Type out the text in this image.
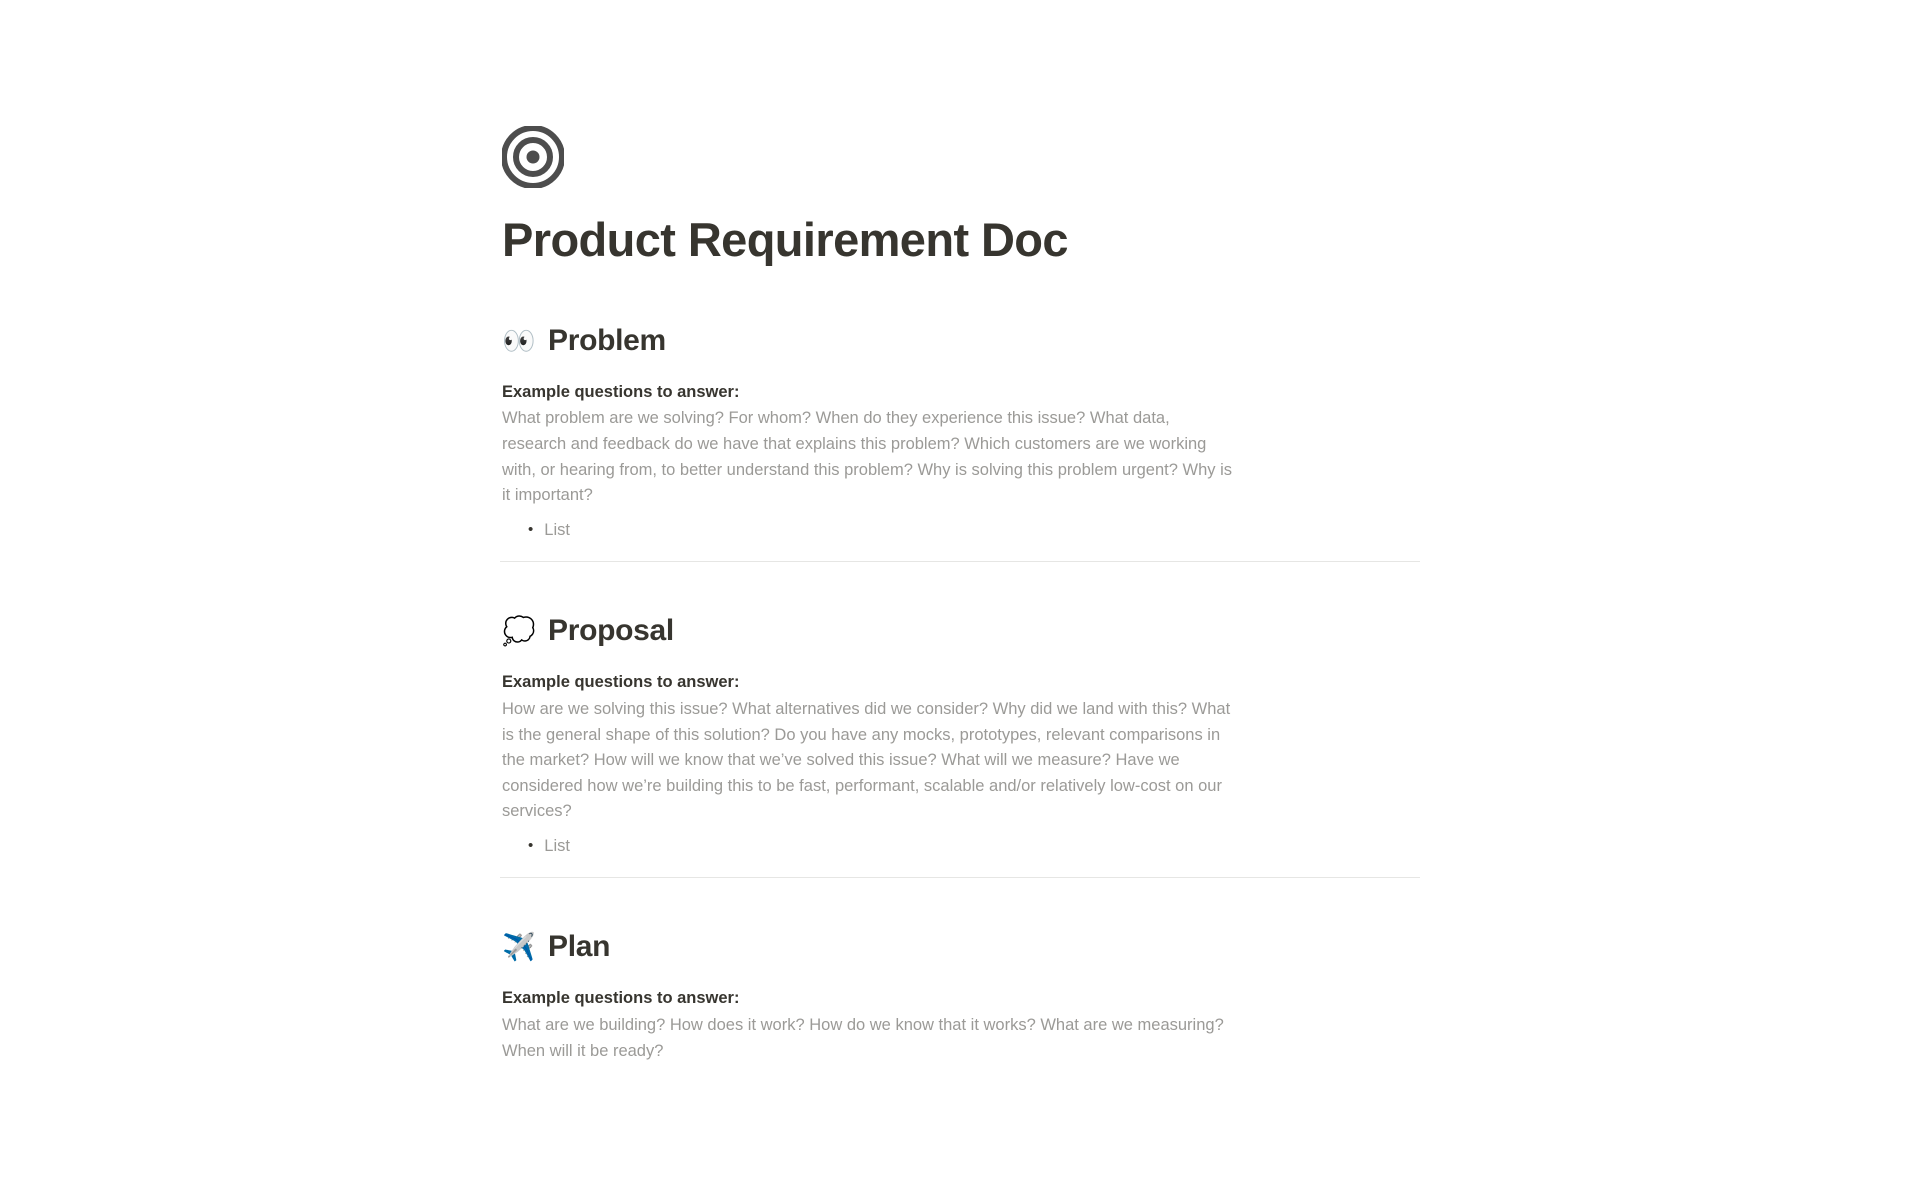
Product Requirement Doc
👀 Problem

Example questions to answer:

What problem are we solving? For whom? When do they experience this issue? What data, research and feedback do we have that explains this problem? Which customers are we working with, or hearing from, to better understand this problem? Why is solving this problem urgent? Why is it important?

• List
💭 Proposal

Example questions to answer:

How are we solving this issue? What alternatives did we consider? Why did we land with this? What is the general shape of this solution? Do you have any mocks, prototypes, relevant comparisons in the market? How will we know that we’ve solved this issue? What will we measure? Have we considered how we’re building this to be fast, performant, scalable and/or relatively low-cost on our services?

• List
✈️ Plan

Example questions to answer:

What are we building? How does it work? How do we know that it works? What are we measuring? When will it be ready?
